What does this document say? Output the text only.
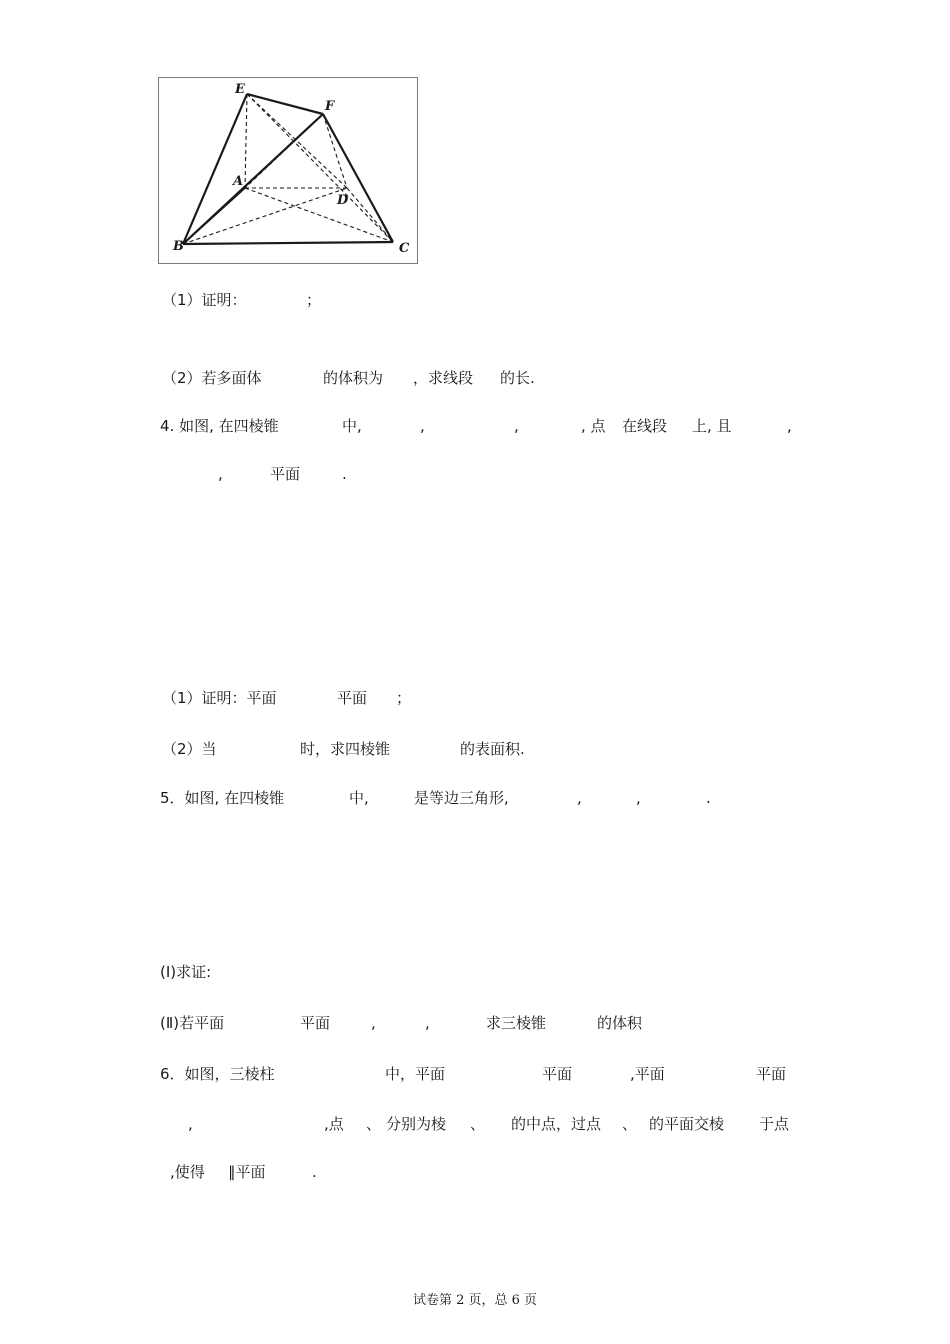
E
F
A
D
B	C
（1）证明：	；
（2）若多面体	的体积为 ，求线段 的长.
4. 如图, 在四棱锥	中,	,	,	, 点 在线段 上, 且	,
,	平面	.
（1）证明：平面	平面 ；
（2）当	时，求四棱锥	的表面积.
5．如图, 在四棱锥	中,	是等边三角形,	,	,	.
(Ⅰ)求证:
(Ⅱ)若平面	平面	,	,	求三棱锥	的体积
6．如图，三棱柱	中，平面	平面	,平面	平面
,	,点 、 分别为棱 、 的中点，过点 、 的平面交棱 于点
,使得 ∥平面	.
试卷第 2 页，总 6 页
